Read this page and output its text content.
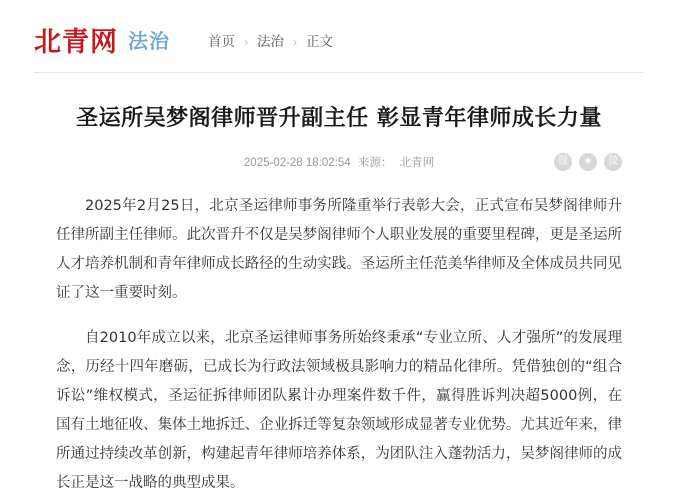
北青网 法治	首页 › 法治 › 正文
圣运所吴梦阁律师晋升副主任 彰显青年律师成长力量
2025-02-28 18:02:54 来源： 北青网	微	★	微

2025年2月25日，北京圣运律师事务所隆重举行表彰大会，正式宣布吴梦阁律师升任律所副主任律师。此次晋升不仅是吴梦阁律师个人职业发展的重要里程碑，更是圣运所人才培养机制和青年律师成长路径的生动实践。圣运所主任范美华律师及全体成员共同见证了这一重要时刻。

自2010年成立以来，北京圣运律师事务所始终秉承“专业立所、人才强所”的发展理念，历经十四年磨砺，已成长为行政法领域极具影响力的精品化律所。凭借独创的“组合诉讼”维权模式，圣运征拆律师团队累计办理案件数千件，赢得胜诉判决超5000例，在国有土地征收、集体土地拆迁、企业拆迁等复杂领域形成显著专业优势。尤其近年来，律所通过持续改革创新，构建起青年律师培养体系，为团队注入蓬勃活力，吴梦阁律师的成长正是这一战略的典型成果。
